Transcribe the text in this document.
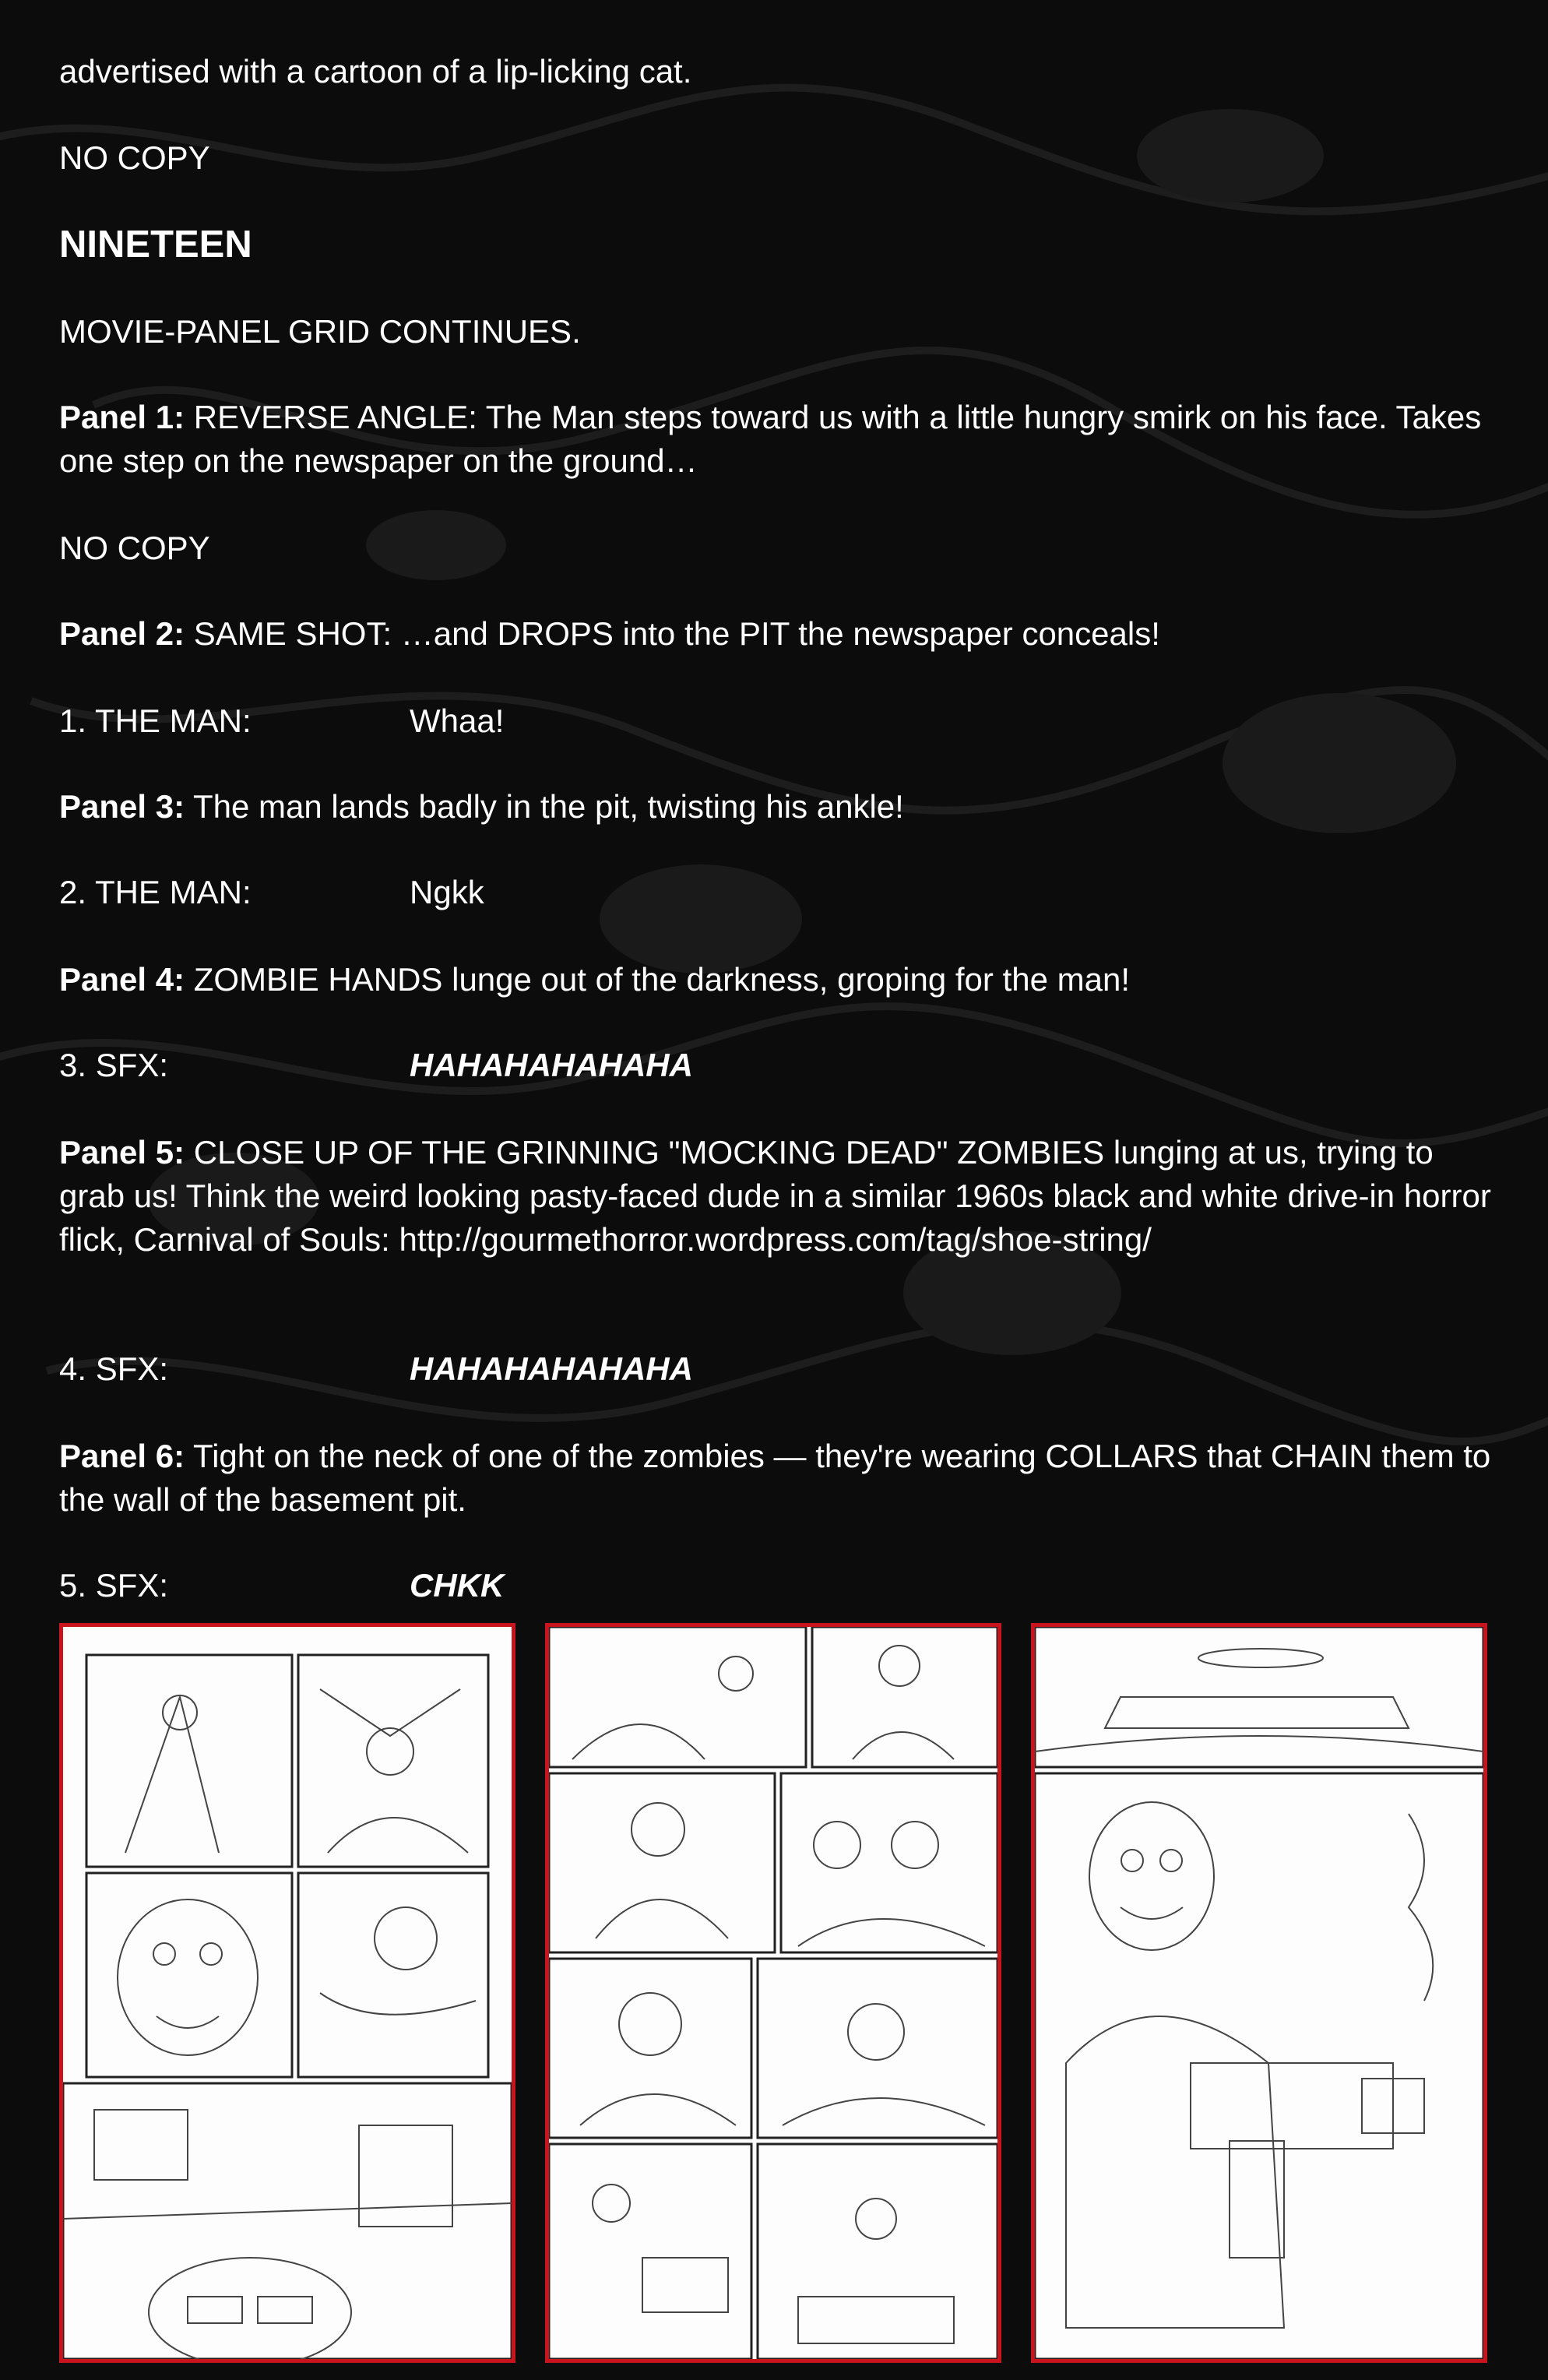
advertised with a cartoon of a lip-licking cat.

NO COPY

NINETEEN

MOVIE-PANEL GRID CONTINUES.

Panel 1: REVERSE ANGLE: The Man steps toward us with a little hungry smirk on his face. Takes one step on the newspaper on the ground…

NO COPY

Panel 2: SAME SHOT: …and DROPS into the PIT the newspaper conceals!

1. THE MAN:	Whaa!

Panel 3: The man lands badly in the pit, twisting his ankle!

2. THE MAN:	Ngkk

Panel 4: ZOMBIE HANDS lunge out of the darkness, groping for the man!

3. SFX:	HAHAHAHAHAHA

Panel 5: CLOSE UP OF THE GRINNING "MOCKING DEAD" ZOMBIES lunging at us, trying to grab us! Think the weird looking pasty-faced dude in a similar 1960s black and white drive-in horror flick, Carnival of Souls: http://gourmethorror.wordpress.com/tag/shoe-string/

4. SFX:	HAHAHAHAHAHA

Panel 6: Tight on the neck of one of the zombies — they're wearing COLLARS that CHAIN them to the wall of the basement pit.

5. SFX:	CHKK
